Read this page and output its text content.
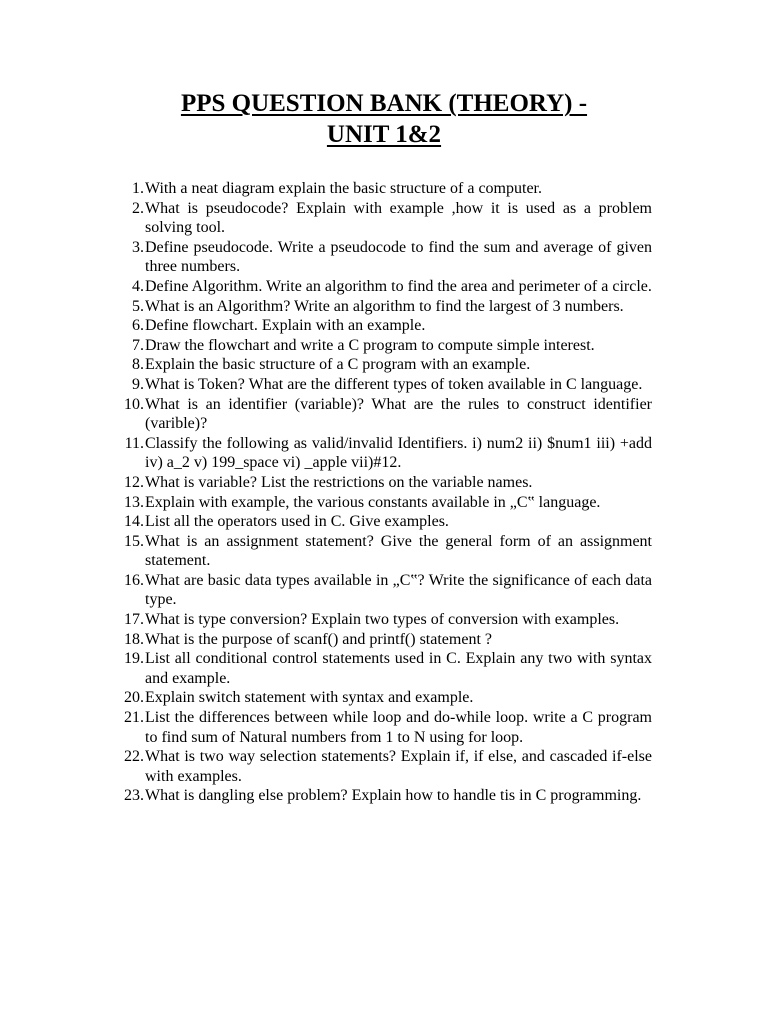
PPS QUESTION BANK (THEORY) -
UNIT 1&2
1. With a neat diagram explain the basic structure of a computer.
2. What is pseudocode? Explain with example ,how it is used as a problem solving tool.
3. Define pseudocode. Write a pseudocode to find the sum and average of given three numbers.
4. Define Algorithm. Write an algorithm to find the area and perimeter of a circle.
5. What is an Algorithm? Write an algorithm to find the largest of 3 numbers.
6. Define flowchart. Explain with an example.
7. Draw the flowchart and write a C program to compute simple interest.
8. Explain the basic structure of a C program with an example.
9. What is Token? What are the different types of token available in C language.
10. What is an identifier (variable)? What are the rules to construct identifier (varible)?
11. Classify the following as valid/invalid Identifiers. i) num2 ii) $num1 iii) +add iv) a_2 v) 199_space vi) _apple vii)#12.
12. What is variable? List the restrictions on the variable names.
13. Explain with example, the various constants available in „C‟ language.
14. List all the operators used in C. Give examples.
15. What is an assignment statement? Give the general form of an assignment statement.
16. What are basic data types available in „C‟? Write the significance of each data type.
17. What is type conversion? Explain two types of conversion with examples.
18. What is the purpose of scanf() and printf() statement ?
19. List all conditional control statements used in C. Explain any two with syntax and example.
20. Explain switch statement with syntax and example.
21. List the differences between while loop and do-while loop. write a C program to find sum of Natural numbers from 1 to N using for loop.
22. What is two way selection statements? Explain if, if else, and cascaded if-else with examples.
23. What is dangling else problem? Explain how to handle tis in C programming.
